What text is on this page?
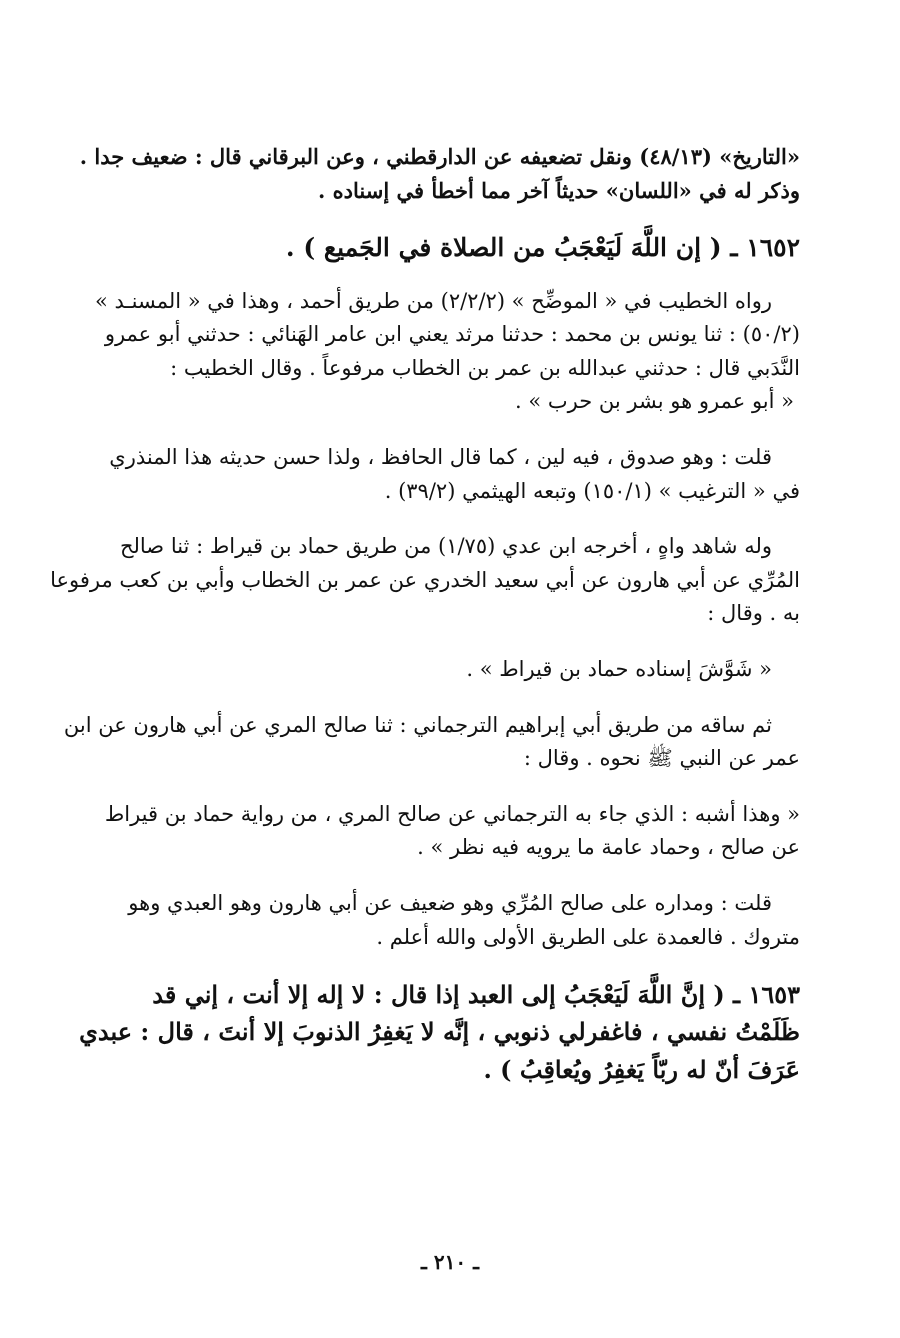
«التاريخ» (٤٨/١٣) ونقل تضعيفه عن الدارقطني ، وعن البرقاني قال : ضعيف جدا .
وذكر له في «اللسان» حديثاً آخر مما أخطأ في إسناده .
١٦٥٢ ـ ( إن اللَّهَ لَيَعْجَبُ من الصلاة في الجَميع ) .
رواه الخطيب في « الموضِّح » (٢/٢/٢) من طريق أحمد ، وهذا في « المسنـد »
(٥٠/٢) : ثنا يونس بن محمد : حدثنا مرثد يعني ابن عامر الهَنائي : حدثني أبو عمرو
النَّدَبي قال : حدثني عبدالله بن عمر بن الخطاب مرفوعاً . وقال الخطيب :
« أبو عمرو هو بشر بن حرب » .
قلت : وهو صدوق ، فيه لين ، كما قال الحافظ ، ولذا حسن حديثه هذا المنذري
في « الترغيب » (١٥٠/١) وتبعه الهيثمي (٣٩/٢) .
وله شاهد واهٍ ، أخرجه ابن عدي (١/٧٥) من طريق حماد بن قيراط : ثنا صالح
المُرِّي عن أبي هارون عن أبي سعيد الخدري عن عمر بن الخطاب وأبي بن كعب مرفوعا
به . وقال :
« شَوَّشَ إسناده حماد بن قيراط » .
ثم ساقه من طريق أبي إبراهيم الترجماني : ثنا صالح المري عن أبي هارون عن ابن
عمر عن النبي ﷺ نحوه . وقال :
« وهذا أشبه : الذي جاء به الترجماني عن صالح المري ، من رواية حماد بن قيراط
عن صالح ، وحماد عامة ما يرويه فيه نظر » .
قلت : ومداره على صالح المُرِّي وهو ضعيف عن أبي هارون وهو العبدي وهو
متروك . فالعمدة على الطريق الأولى والله أعلم .
١٦٥٣ ـ ( إنَّ اللَّهَ لَيَعْجَبُ إلى العبد إذا قال : لا إله إلا أنت ، إني قد
ظَلَمْتُ نفسي ، فاغفرلي ذنوبي ، إنَّه لا يَغفِرُ الذنوبَ إلا أنتَ ، قال : عبدي
عَرَفَ أنّ له ربّاً يَغفِرُ ويُعاقِبُ ) .
ـ ٢١٠ ـ
